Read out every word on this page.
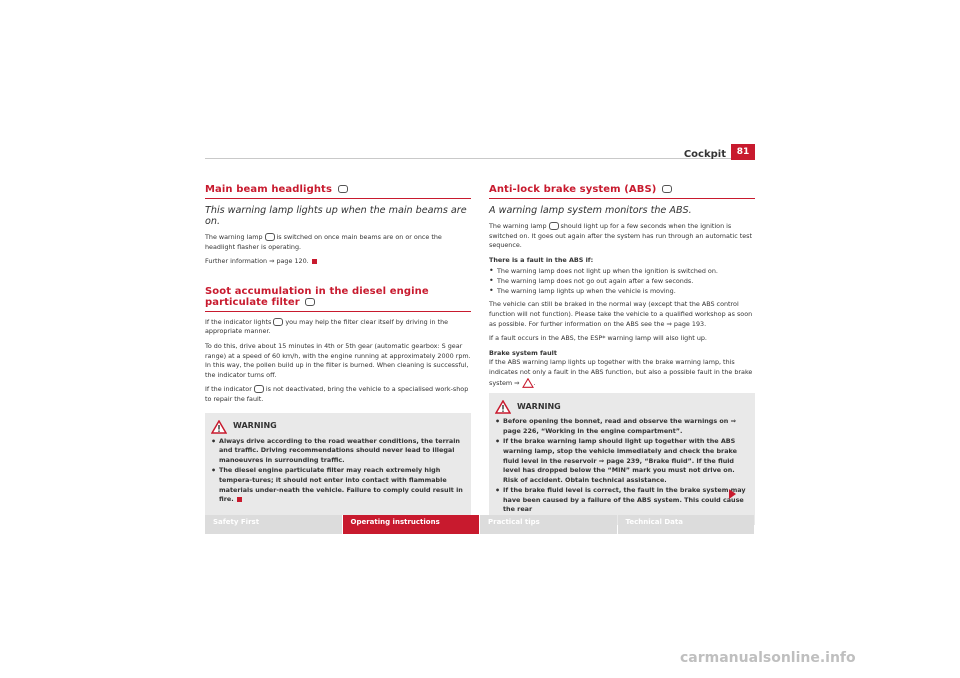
Cockpit	81
Main beam headlights
This warning lamp lights up when the main beams are on.

The warning lamp is switched on once main beams are on or once the headlight flasher is operating.

Further information ⇒ page 120.

Soot accumulation in the diesel engine particulate filter

If the indicator lights you may help the filter clear itself by driving in the appropriate manner.

To do this, drive about 15 minutes in 4th or 5th gear (automatic gearbox: S gear range) at a speed of 60 km/h, with the engine running at approximately 2000 rpm. In this way, the pollen build up in the filter is burned. When cleaning is successful, the indicator turns off.

If the indicator is not deactivated, bring the vehicle to a specialised work-shop to repair the fault.

WARNING
• Always drive according to the road weather conditions, the terrain and traffic. Driving recommendations should never lead to illegal manoeuvres in surrounding traffic.
• The diesel engine particulate filter may reach extremely high tempera-tures; it should not enter into contact with flammable materials under-neath the vehicle. Failure to comply could result in fire.
Anti-lock brake system (ABS)
A warning lamp system monitors the ABS.

The warning lamp should light up for a few seconds when the ignition is switched on. It goes out again after the system has run through an automatic test sequence.

There is a fault in the ABS if:

• The warning lamp does not light up when the ignition is switched on.
• The warning lamp does not go out again after a few seconds.
• The warning lamp lights up when the vehicle is moving.

The vehicle can still be braked in the normal way (except that the ABS control function will not function). Please take the vehicle to a qualified workshop as soon as possible. For further information on the ABS see the ⇒ page 193.

If a fault occurs in the ABS, the ESP* warning lamp will also light up.

Brake system fault

If the ABS warning lamp lights up together with the brake warning lamp, this indicates not only a fault in the ABS function, but also a possible fault in the brake system ⇒ .

WARNING
• Before opening the bonnet, read and observe the warnings on ⇒ page 226, “Working in the engine compartment”.
• If the brake warning lamp should light up together with the ABS warning lamp, stop the vehicle immediately and check the brake fluid level in the reservoir ⇒ page 239, “Brake fluid”. If the fluid level has dropped below the “MIN” mark you must not drive on. Risk of accident. Obtain technical assistance.
• If the brake fluid level is correct, the fault in the brake system may have been caused by a failure of the ABS system. This could cause the rear
Safety First	Operating instructions	Practical tips	Technical Data
carmanualsonline.info
